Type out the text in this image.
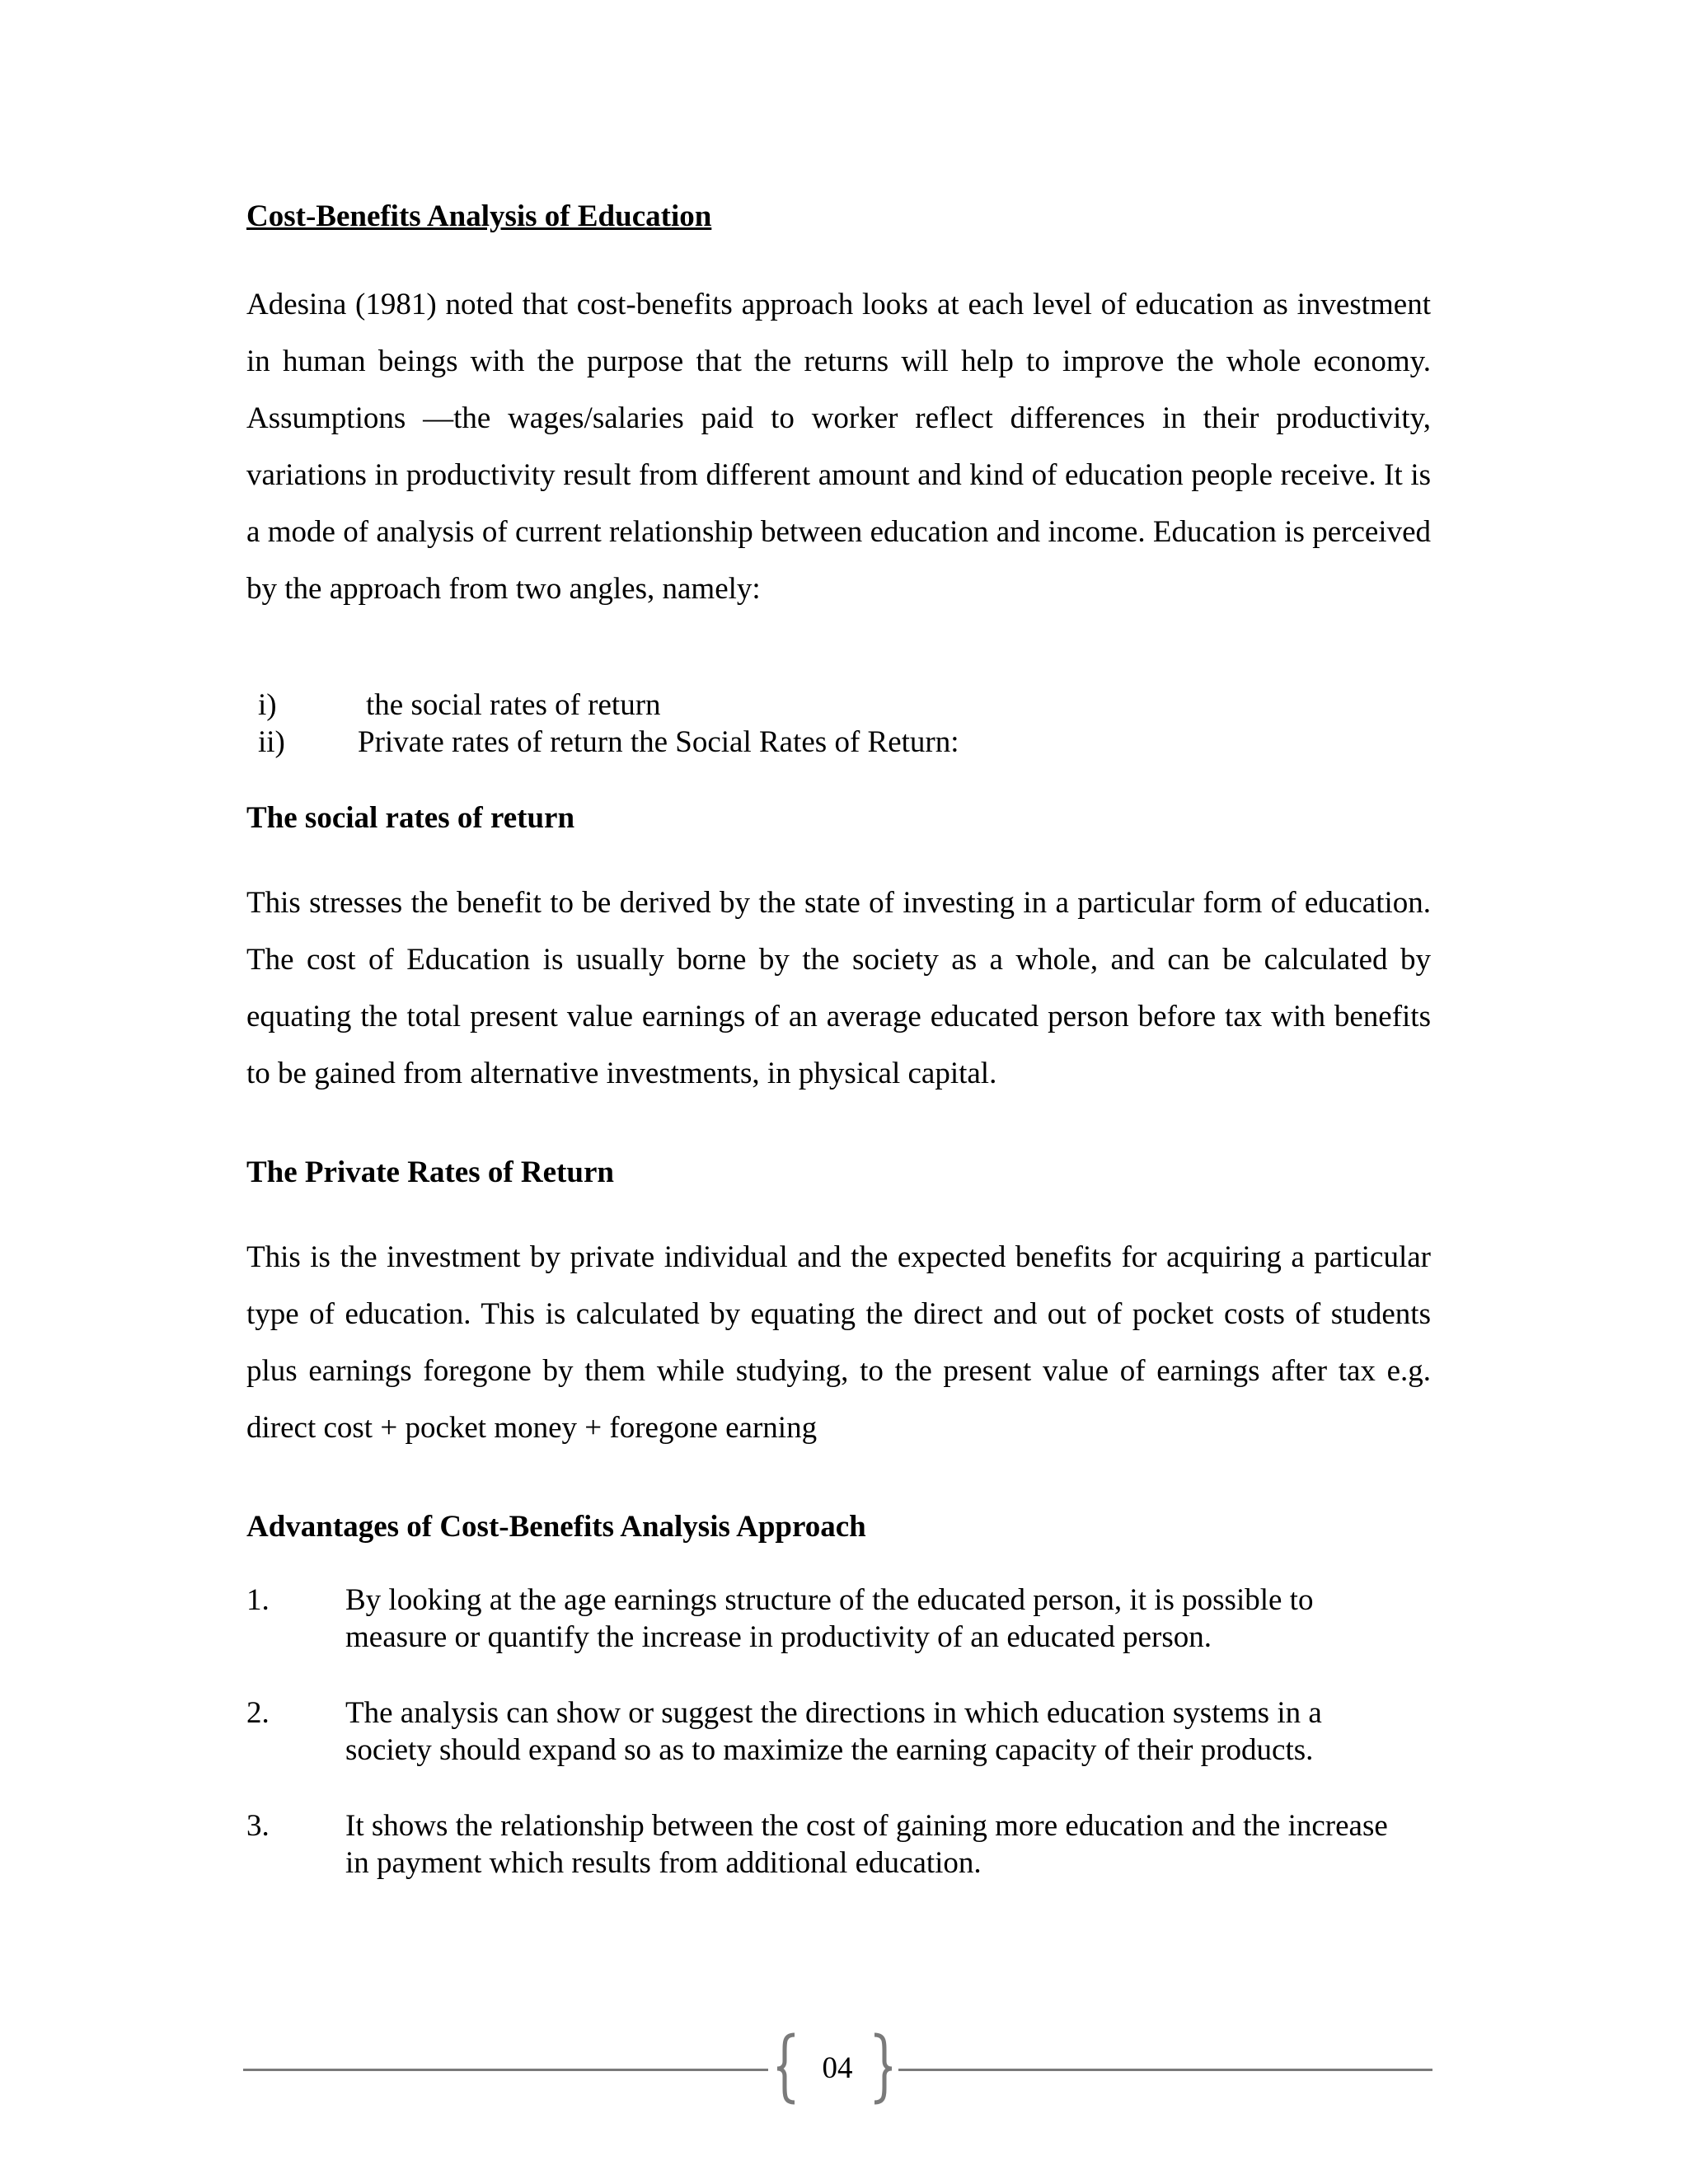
Cost-Benefits Analysis of Education

Adesina (1981) noted that cost-benefits approach looks at each level of education as investment in human beings with the purpose that the returns will help to improve the whole economy. Assumptions —the wages/salaries paid to worker reflect differences in their productivity, variations in productivity result from different amount and kind of education people receive. It is a mode of analysis of current relationship between education and income. Education is perceived by the approach from two angles, namely:

i)	the social rates of return
ii) Private rates of return the Social Rates of Return:
The social rates of return

This stresses the benefit to be derived by the state of investing in a particular form of education. The cost of Education is usually borne by the society as a whole, and can be calculated by equating the total present value earnings of an average educated person before tax with benefits to be gained from alternative investments, in physical capital.

The Private Rates of Return

This is the investment by private individual and the expected benefits for acquiring a particular type of education. This is calculated by equating the direct and out of pocket costs of students plus earnings foregone by them while studying, to the present value of earnings after tax e.g. direct cost + pocket money + foregone earning

Advantages of Cost-Benefits Analysis Approach
1. By looking at the age earnings structure of the educated person, it is possible to measure or quantify the increase in productivity of an educated person.
2. The analysis can show or suggest the directions in which education systems in a society should expand so as to maximize the earning capacity of their products.
3. It shows the relationship between the cost of gaining more education and the increase in payment which results from additional education.
04
